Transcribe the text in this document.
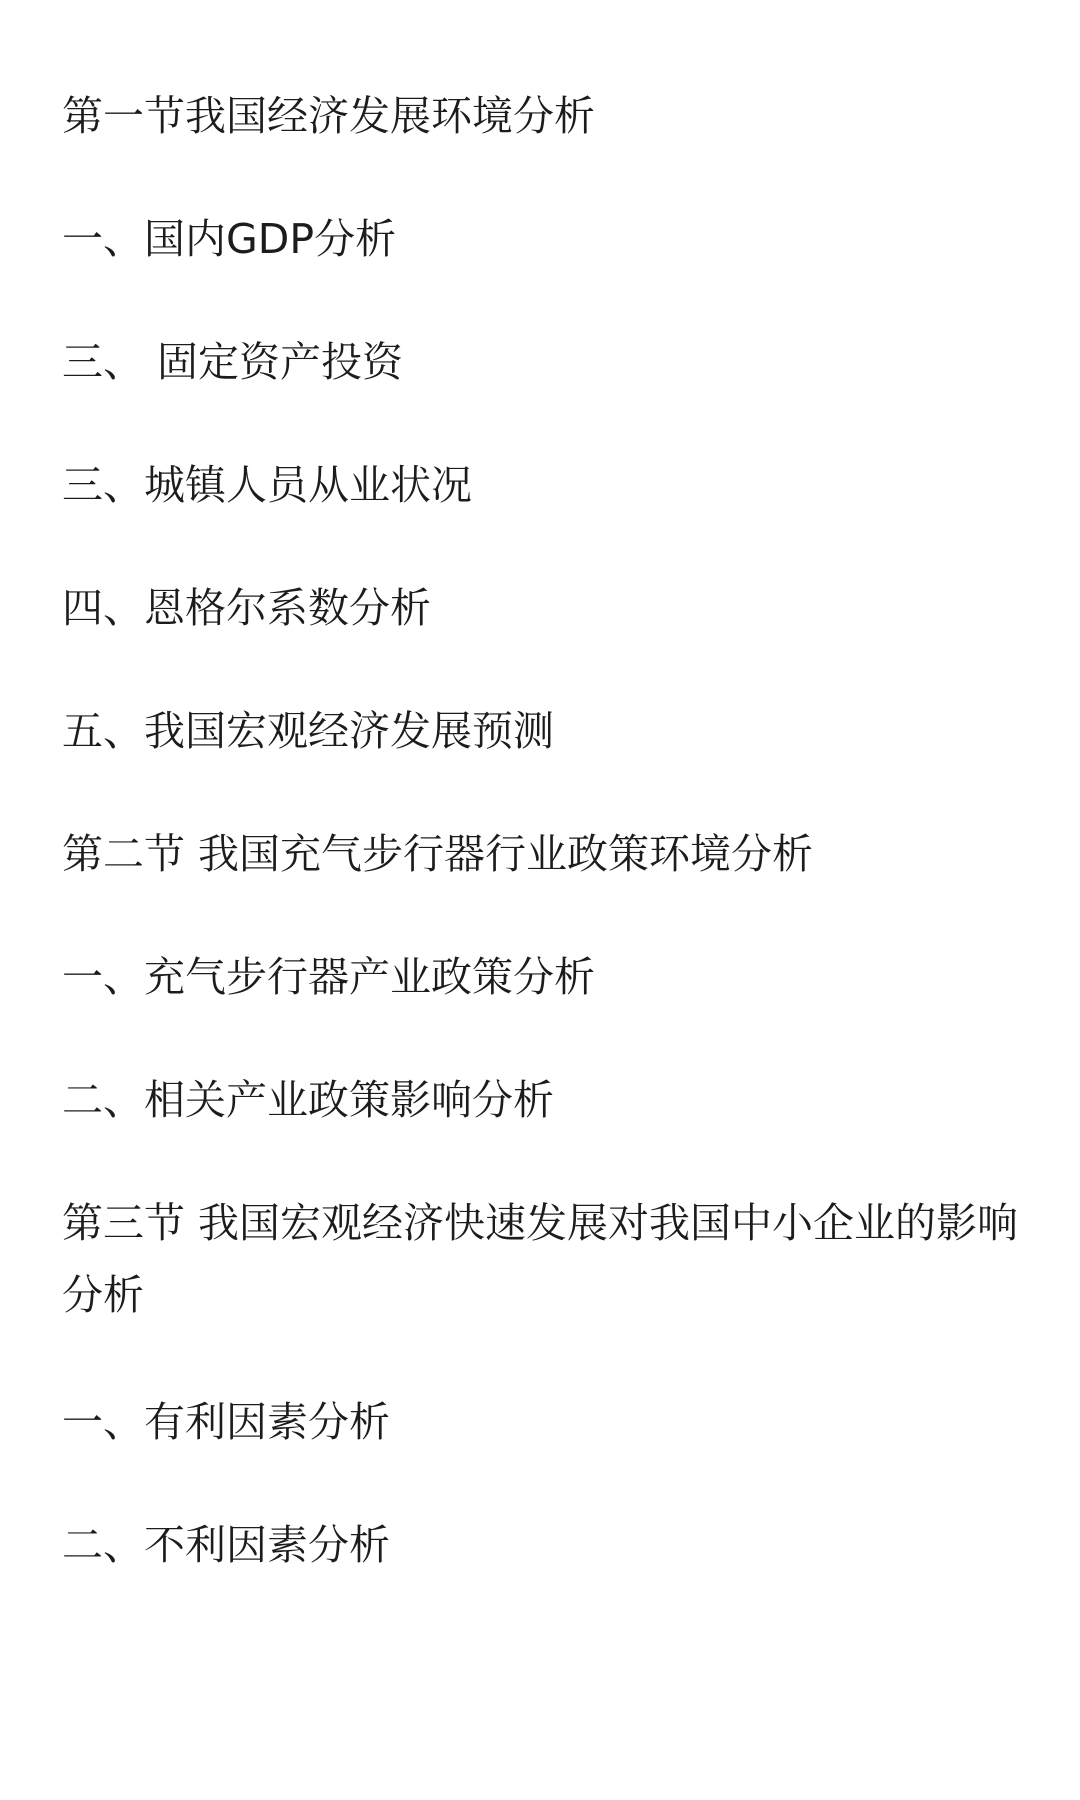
第一节我国经济发展环境分析
一、国内GDP分析
三、 固定资产投资
三、城镇人员从业状况
四、恩格尔系数分析
五、我国宏观经济发展预测
第二节 我国充气步行器行业政策环境分析
一、充气步行器产业政策分析
二、相关产业政策影响分析
第三节 我国宏观经济快速发展对我国中小企业的影响分析
一、有利因素分析
二、不利因素分析
